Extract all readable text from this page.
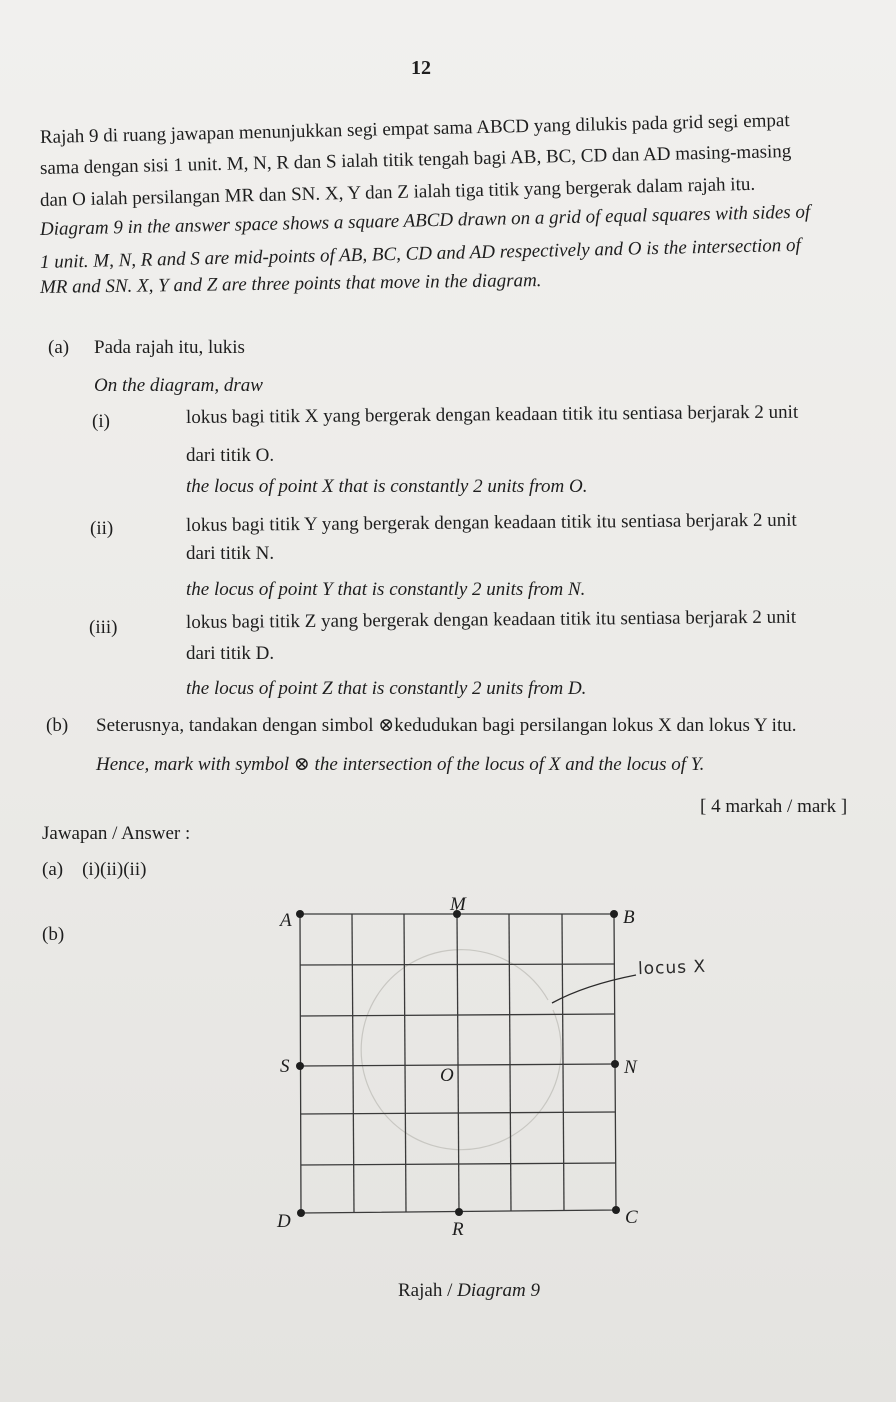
12
Rajah 9 di ruang jawapan menunjukkan segi empat sama ABCD yang dilukis pada grid segi empat
sama dengan sisi 1 unit. M, N, R dan S ialah titik tengah bagi AB, BC, CD dan AD masing-masing
dan O ialah persilangan MR dan SN. X, Y dan Z ialah tiga titik yang bergerak dalam rajah itu.
Diagram 9 in the answer space shows a square ABCD drawn on a grid of equal squares with sides of
1 unit. M, N, R and S are mid-points of AB, BC, CD and AD respectively and O is the intersection of
MR and SN. X, Y and Z are three points that move in the diagram.
(a) Pada rajah itu, lukis
On the diagram, draw
(i)	lokus bagi titik X yang bergerak dengan keadaan titik itu sentiasa berjarak 2 unit
dari titik O.
the locus of point X that is constantly 2 units from O.
(ii)	lokus bagi titik Y yang bergerak dengan keadaan titik itu sentiasa berjarak 2 unit
dari titik N.
the locus of point Y that is constantly 2 units from N.
(iii)	lokus bagi titik Z yang bergerak dengan keadaan titik itu sentiasa berjarak 2 unit
dari titik D.
the locus of point Z that is constantly 2 units from D.
(b) Seterusnya, tandakan dengan simbol ⊗kedudukan bagi persilangan lokus X dan lokus Y itu.
Hence, mark with symbol ⊗ the intersection of the locus of X and the locus of Y.
[ 4 markah / mark ]
Jawapan / Answer :
(a)    (i)(ii)(ii)
(b)
A	B
C
D
M
N
R
S	O
locus X
Rajah / Diagram 9
